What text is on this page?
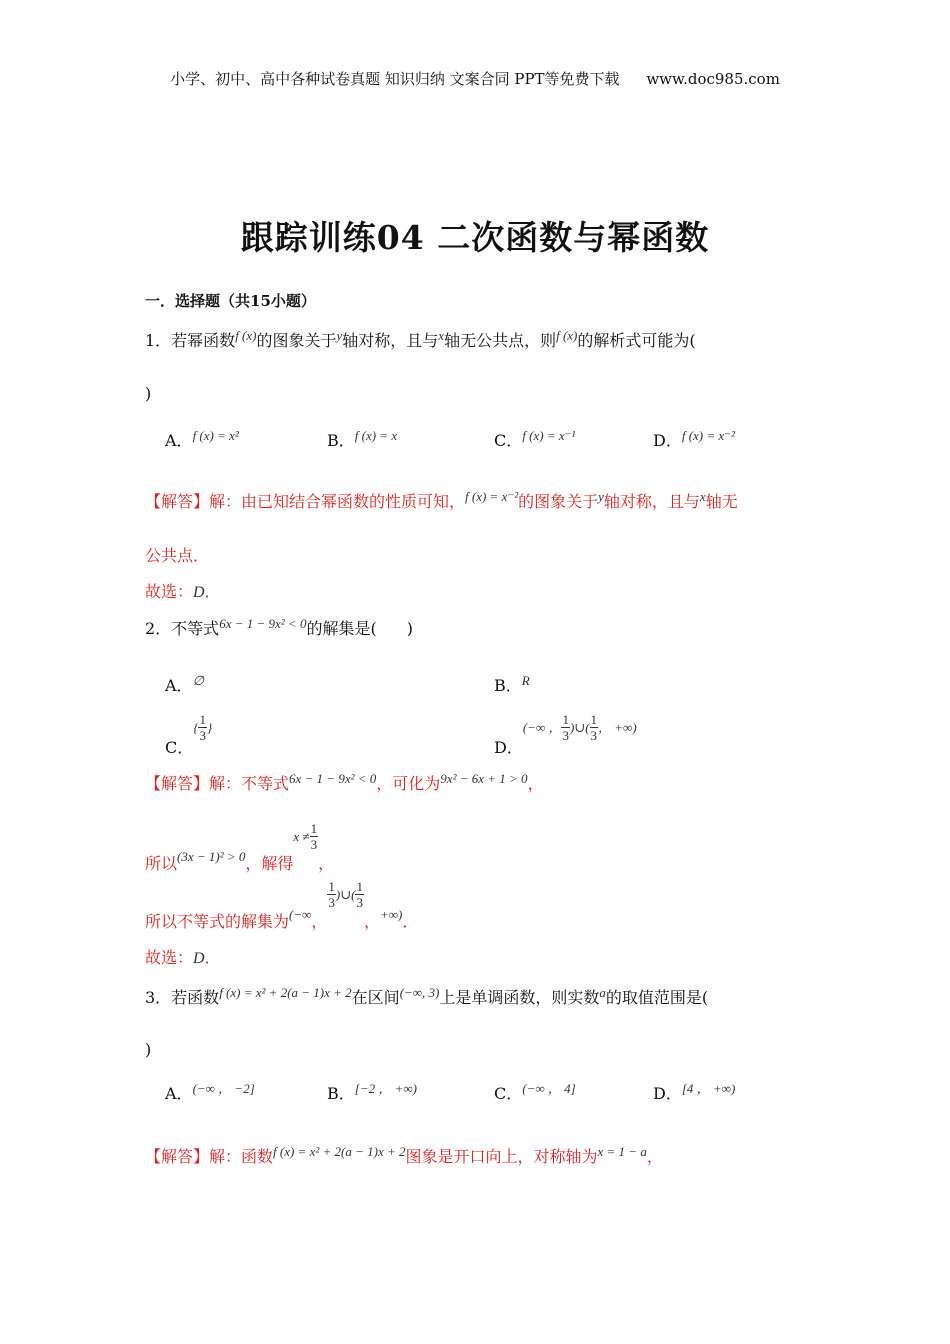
小学、初中、高中各种试卷真题 知识归纳 文案合同 PPT等免费下载 www.doc985.com
跟踪训练04 二次函数与幂函数
一．选择题（共15小题）
1．若幂函数$^{f (x)}$的图象关于$^y$轴对称，且与$^x$轴无公共点，则$^{f (x)}$的解析式可能为(
)
A．$^{f (x) = x^2}$	B．$^{f (x) = x}$	C．$^{f (x) = x^{-1}}$	D．$^{f (x) = x^{-2}}$
【解答】解：由已知结合幂函数的性质可知，$^{f (x) = x^{-2}}$的图象关于$^y$轴对称，且与$^x$轴无
公共点．
故选：D．
2．不等式$^{6x - 1 - 9x^2 < 0}$的解集是( )
A．∅	B．$^R$
C．$^{\{} \frac{1}{3} ^{\}}$
D．$^{(-\infty ,} \frac{1}{3} ^{)\cup(} \frac{1}{3} ^{, +\infty)}$
【解答】解：不等式$^{6x - 1 - 9x^2 < 0}$，可化为$^{9x^2 - 6x + 1 > 0}$，
所以$_{(3x - 1)^2 > 0}$，解得$^{x \ne} \frac{1}{3}$
，
所以不等式的解集为$_{(-\infty}$，
$\frac{1}{3} ^{)\cup(} \frac{1}{3}$
，$_{+\infty)}$．
故选：D．
3．若函数$^{f (x) = x^2 + 2(a - 1)x + 2}$在区间$^{(-\infty, 3)}$上是单调函数，则实数$^a$的取值范围是(
)
A．$^{(-\infty , -2]}$	B．$^{[-2 , +\infty)}$	C．$^{(-\infty , 4]}$	D．$^{[4 , +\infty)}$
【解答】解：函数$^{f (x) = x^2 + 2(a - 1)x + 2}$图象是开口向上，对称轴为$^{x = 1 - a}$，
